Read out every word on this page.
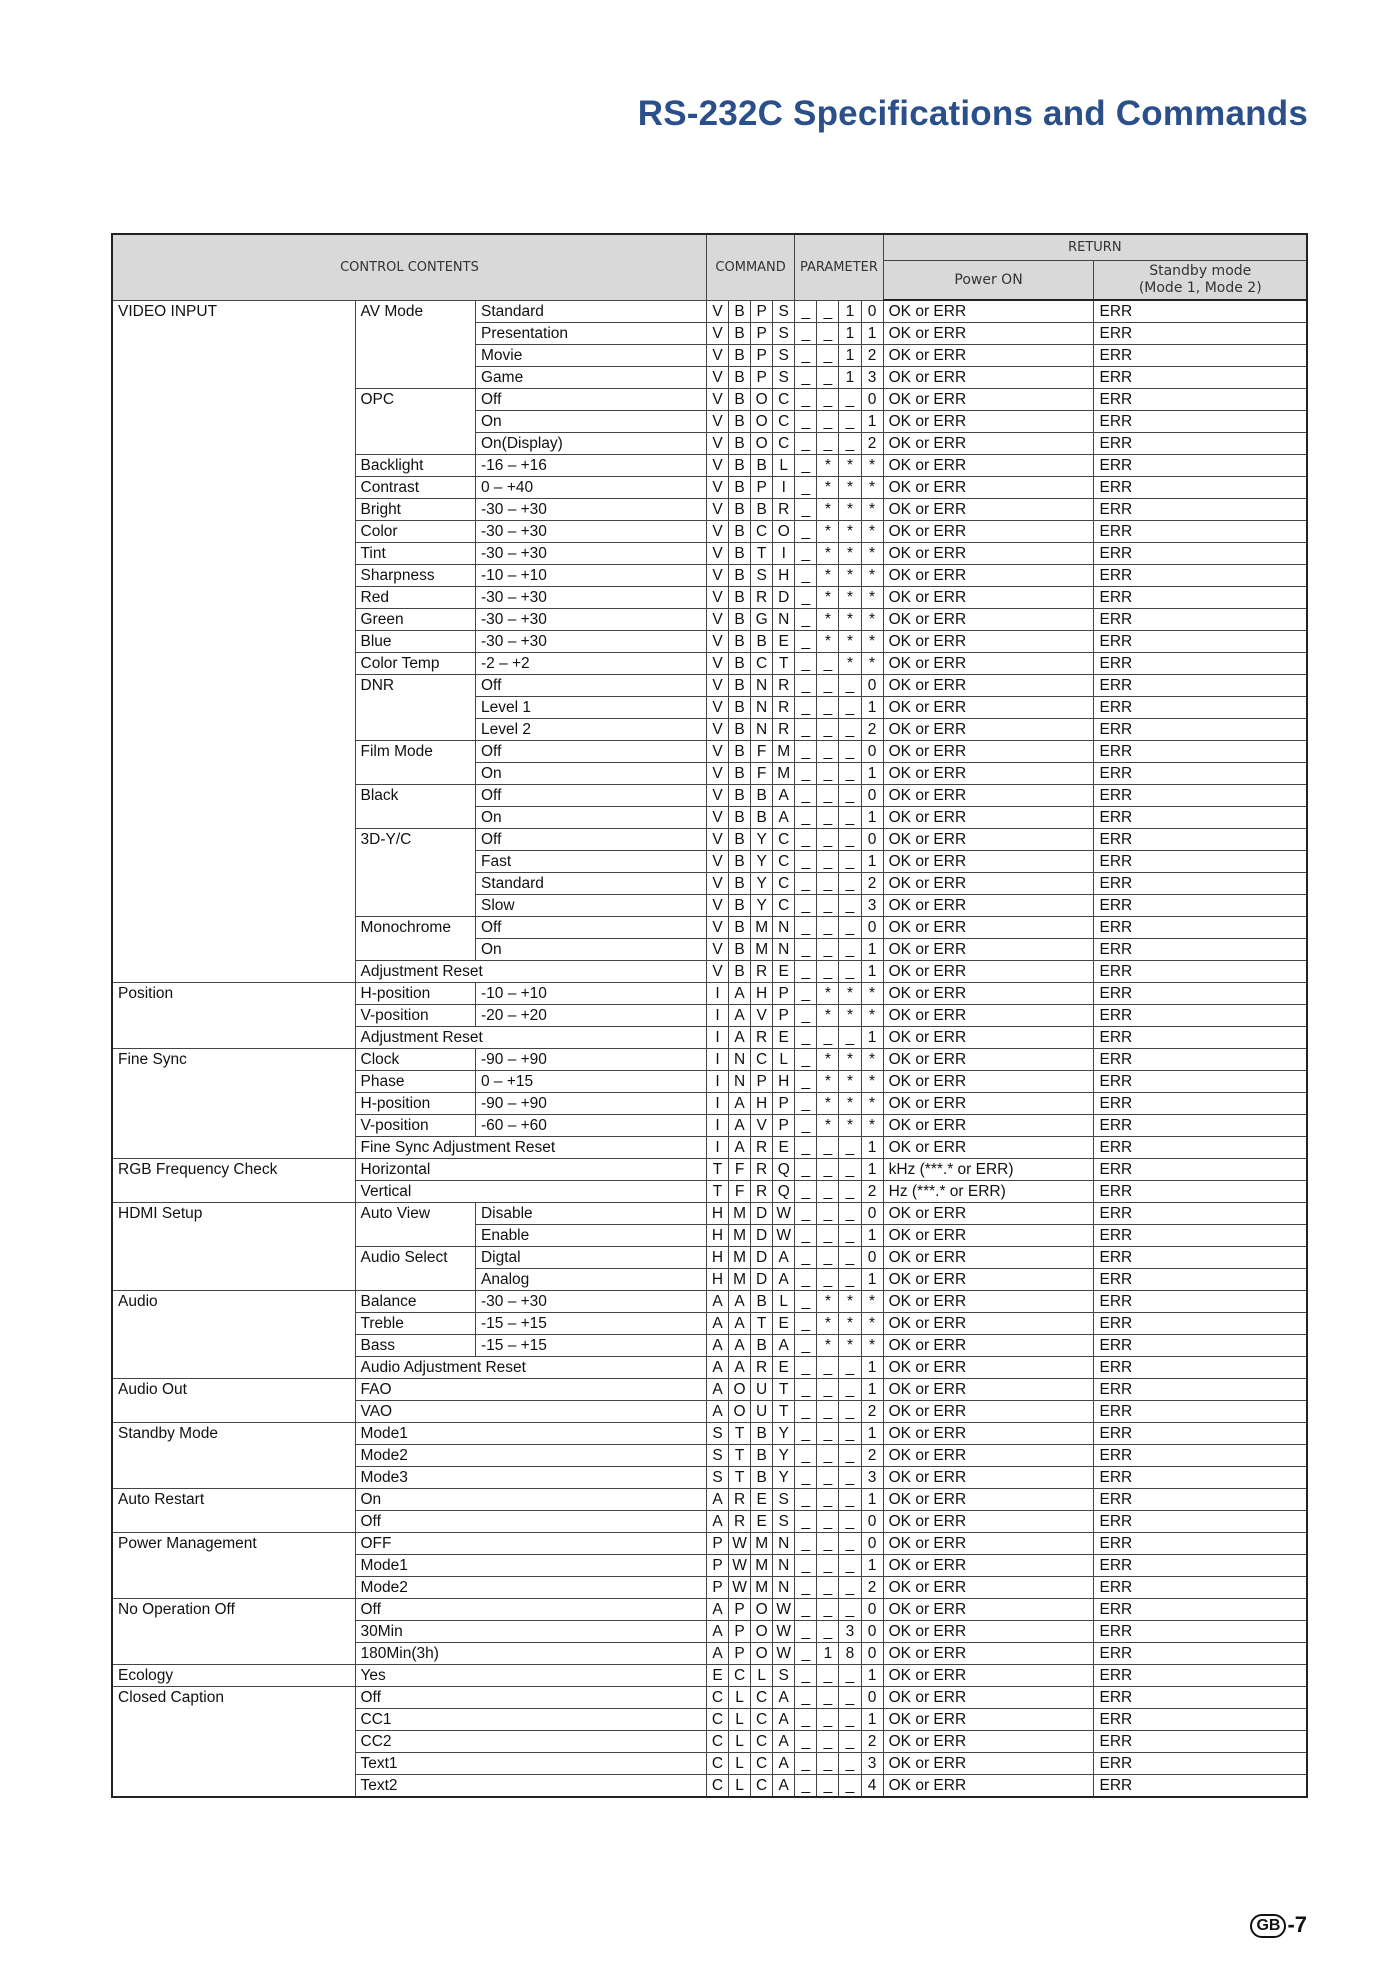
RS-232C Specifications and Commands
CONTROL CONTENTS			COMMAND				PARAMETER				RETURN	
											Power ON	Standby mode
(Mode 1, Mode 2)
VIDEO INPUT	AV Mode	Standard	V	B	P	S	_	_	1	0	OK or ERR	ERR
		Presentation	V	B	P	S	_	_	1	1	OK or ERR	ERR
		Movie	V	B	P	S	_	_	1	2	OK or ERR	ERR
		Game	V	B	P	S	_	_	1	3	OK or ERR	ERR
	OPC	Off	V	B	O	C	_	_	_	0	OK or ERR	ERR
		On	V	B	O	C	_	_	_	1	OK or ERR	ERR
		On(Display)	V	B	O	C	_	_	_	2	OK or ERR	ERR
	Backlight	-16 – +16	V	B	B	L	_	*	*	*	OK or ERR	ERR
	Contrast	0 – +40	V	B	P	I	_	*	*	*	OK or ERR	ERR
	Bright	-30 – +30	V	B	B	R	_	*	*	*	OK or ERR	ERR
	Color	-30 – +30	V	B	C	O	_	*	*	*	OK or ERR	ERR
	Tint	-30 – +30	V	B	T	I	_	*	*	*	OK or ERR	ERR
	Sharpness	-10 – +10	V	B	S	H	_	*	*	*	OK or ERR	ERR
	Red	-30 – +30	V	B	R	D	_	*	*	*	OK or ERR	ERR
	Green	-30 – +30	V	B	G	N	_	*	*	*	OK or ERR	ERR
	Blue	-30 – +30	V	B	B	E	_	*	*	*	OK or ERR	ERR
	Color Temp	-2 – +2	V	B	C	T	_	_	*	*	OK or ERR	ERR
	DNR	Off	V	B	N	R	_	_	_	0	OK or ERR	ERR
		Level 1	V	B	N	R	_	_	_	1	OK or ERR	ERR
		Level 2	V	B	N	R	_	_	_	2	OK or ERR	ERR
	Film Mode	Off	V	B	F	M	_	_	_	0	OK or ERR	ERR
		On	V	B	F	M	_	_	_	1	OK or ERR	ERR
	Black	Off	V	B	B	A	_	_	_	0	OK or ERR	ERR
		On	V	B	B	A	_	_	_	1	OK or ERR	ERR
	3D-Y/C	Off	V	B	Y	C	_	_	_	0	OK or ERR	ERR
		Fast	V	B	Y	C	_	_	_	1	OK or ERR	ERR
		Standard	V	B	Y	C	_	_	_	2	OK or ERR	ERR
		Slow	V	B	Y	C	_	_	_	3	OK or ERR	ERR
	Monochrome	Off	V	B	M	N	_	_	_	0	OK or ERR	ERR
		On	V	B	M	N	_	_	_	1	OK or ERR	ERR
	Adjustment Reset		V	B	R	E	_	_	_	1	OK or ERR	ERR
Position	H-position	-10 – +10	I	A	H	P	_	*	*	*	OK or ERR	ERR
	V-position	-20 – +20	I	A	V	P	_	*	*	*	OK or ERR	ERR
	Adjustment Reset		I	A	R	E	_	_	_	1	OK or ERR	ERR
Fine Sync	Clock	-90 – +90	I	N	C	L	_	*	*	*	OK or ERR	ERR
	Phase	0 – +15	I	N	P	H	_	*	*	*	OK or ERR	ERR
	H-position	-90 – +90	I	A	H	P	_	*	*	*	OK or ERR	ERR
	V-position	-60 – +60	I	A	V	P	_	*	*	*	OK or ERR	ERR
	Fine Sync Adjustment Reset		I	A	R	E	_	_	_	1	OK or ERR	ERR
RGB Frequency Check	Horizontal		T	F	R	Q	_	_	_	1	kHz (***.* or ERR)	ERR
	Vertical		T	F	R	Q	_	_	_	2	Hz (***.* or ERR)	ERR
HDMI Setup	Auto View	Disable	H	M	D	W	_	_	_	0	OK or ERR	ERR
		Enable	H	M	D	W	_	_	_	1	OK or ERR	ERR
	Audio Select	Digtal	H	M	D	A	_	_	_	0	OK or ERR	ERR
		Analog	H	M	D	A	_	_	_	1	OK or ERR	ERR
Audio	Balance	-30 – +30	A	A	B	L	_	*	*	*	OK or ERR	ERR
	Treble	-15 – +15	A	A	T	E	_	*	*	*	OK or ERR	ERR
	Bass	-15 – +15	A	A	B	A	_	*	*	*	OK or ERR	ERR
	Audio Adjustment Reset		A	A	R	E	_	_	_	1	OK or ERR	ERR
Audio Out	FAO		A	O	U	T	_	_	_	1	OK or ERR	ERR
	VAO		A	O	U	T	_	_	_	2	OK or ERR	ERR
Standby Mode	Mode1		S	T	B	Y	_	_	_	1	OK or ERR	ERR
	Mode2		S	T	B	Y	_	_	_	2	OK or ERR	ERR
	Mode3		S	T	B	Y	_	_	_	3	OK or ERR	ERR
Auto Restart	On		A	R	E	S	_	_	_	1	OK or ERR	ERR
	Off		A	R	E	S	_	_	_	0	OK or ERR	ERR
Power Management	OFF		P	W	M	N	_	_	_	0	OK or ERR	ERR
	Mode1		P	W	M	N	_	_	_	1	OK or ERR	ERR
	Mode2		P	W	M	N	_	_	_	2	OK or ERR	ERR
No Operation Off	Off		A	P	O	W	_	_	_	0	OK or ERR	ERR
	30Min		A	P	O	W	_	_	3	0	OK or ERR	ERR
	180Min(3h)		A	P	O	W	_	1	8	0	OK or ERR	ERR
Ecology	Yes		E	C	L	S	_	_	_	1	OK or ERR	ERR
Closed Caption	Off		C	L	C	A	_	_	_	0	OK or ERR	ERR
	CC1		C	L	C	A	_	_	_	1	OK or ERR	ERR
	CC2		C	L	C	A	_	_	_	2	OK or ERR	ERR
	Text1		C	L	C	A	_	_	_	3	OK or ERR	ERR
	Text2		C	L	C	A	_	_	_	4	OK or ERR	ERR
GB -7
